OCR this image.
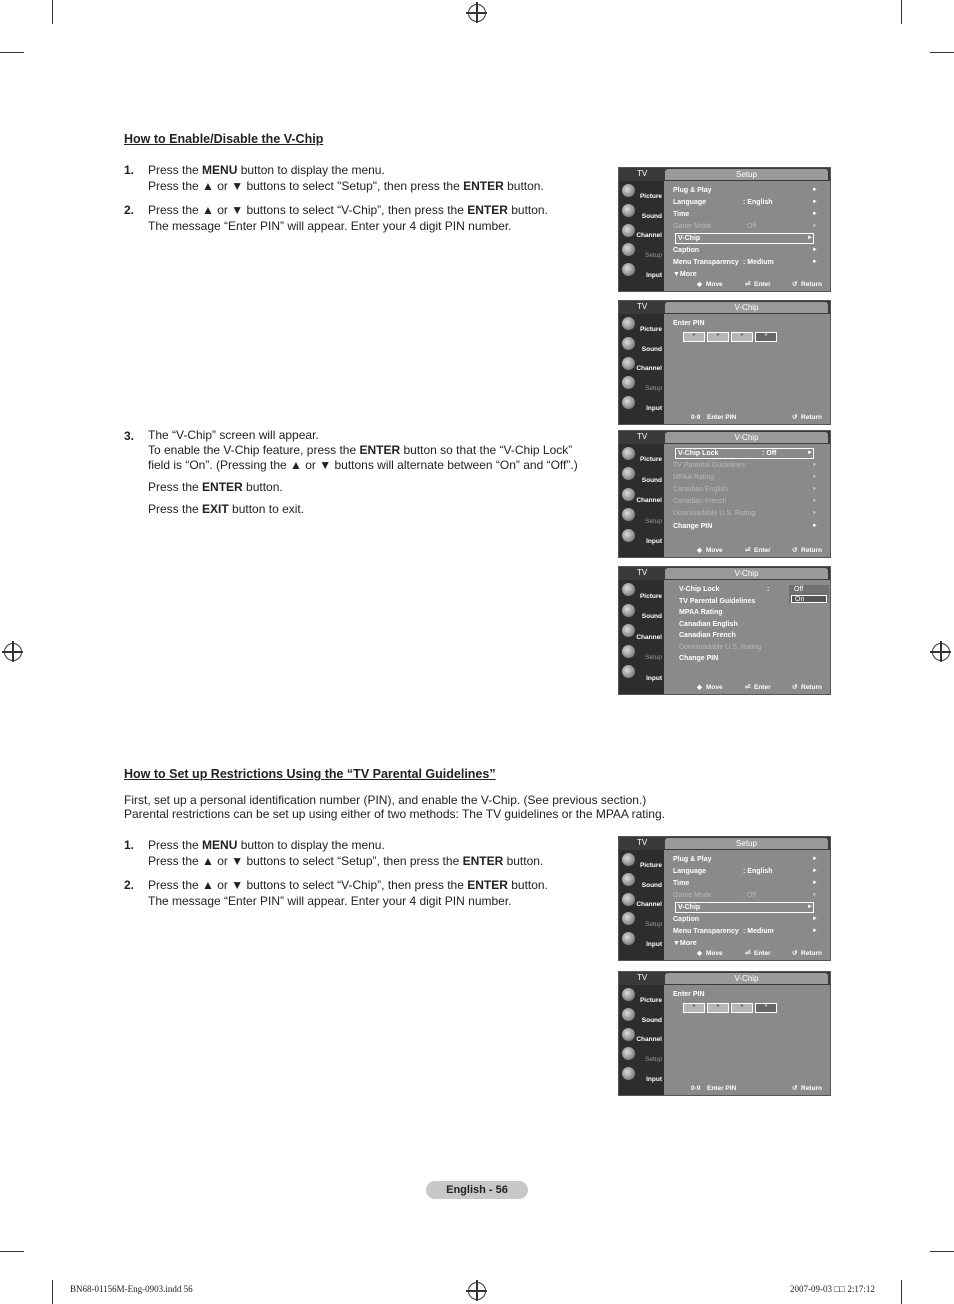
How to Enable/Disable the V-Chip
1. Press the MENU button to display the menu.

Press the ▲ or ▼ buttons to select "Setup", then press the ENTER button.

2. Press the ▲ or ▼ buttons to select “V-Chip”, then press the ENTER button.

The message “Enter PIN” will appear. Enter your 4 digit PIN number.

3. The “V-Chip” screen will appear.

To enable the V-Chip feature, press the ENTER button so that the “V-Chip Lock”

field is “On”. (Pressing the ▲ or ▼ buttons will alternate between “On” and “Off”.)

Press the ENTER button.

Press the EXIT button to exit.

How to Set up Restrictions Using the “TV Parental Guidelines”

First, set up a personal identification number (PIN), and enable the V-Chip. (See previous section.)

Parental restrictions can be set up using either of two methods: The TV guidelines or the MPAA rating.

1. Press the MENU button to display the menu.

Press the ▲ or ▼ buttons to select “Setup”, then press the ENTER button.

2. Press the ▲ or ▼ buttons to select “V-Chip”, then press the ENTER button.

The message “Enter PIN” will appear. Enter your 4 digit PIN number.

TV	Setup
Picture
Sound
Channel
Setup
Input
Plug & Play	►
Language	: English	►
Time	►
Game Mode	: Off	►
V-Chip	►
Caption	►
Menu Transparency : Medium	►
▼More
◆ Move	⏎ Enter	↺ Return
TV	V-Chip
Picture
Sound
Channel
Setup
Input
Enter PIN
*	*	*	*
0-9 Enter PIN	↺ Return
TV	V-Chip
Picture
Sound
Channel
Setup
Input
V-Chip Lock	: Off	►
TV Parental Guidelines	►
MPAA Rating	►
Canadian English	►
Canadian French	►
Downloadable U.S. Rating	►
Change PIN	►
◆ Move	⏎ Enter	↺ Return
TV	V-Chip
Picture
Sound
Channel
Setup
Input
V-Chip Lock	:
TV Parental Guidelines
MPAA Rating
Canadian English
Canadian French
Downloadable U.S. Rating
Change PIN
Off
On
◆ Move	⏎ Enter	↺ Return
TV	Setup
Picture
Sound
Channel
Setup
Input
Plug & Play	►
Language	: English	►
Time	►
Game Mode	: Off	►
V-Chip	►
Caption	►
Menu Transparency : Medium	►
▼More
◆ Move	⏎ Enter	↺ Return
TV	V-Chip
Picture
Sound
Channel
Setup
Input
Enter PIN
*	*	*	*
0-9 Enter PIN	↺ Return
English - 56
BN68-01156M-Eng-0903.indd 56	2007-09-03 □□ 2:17:12
